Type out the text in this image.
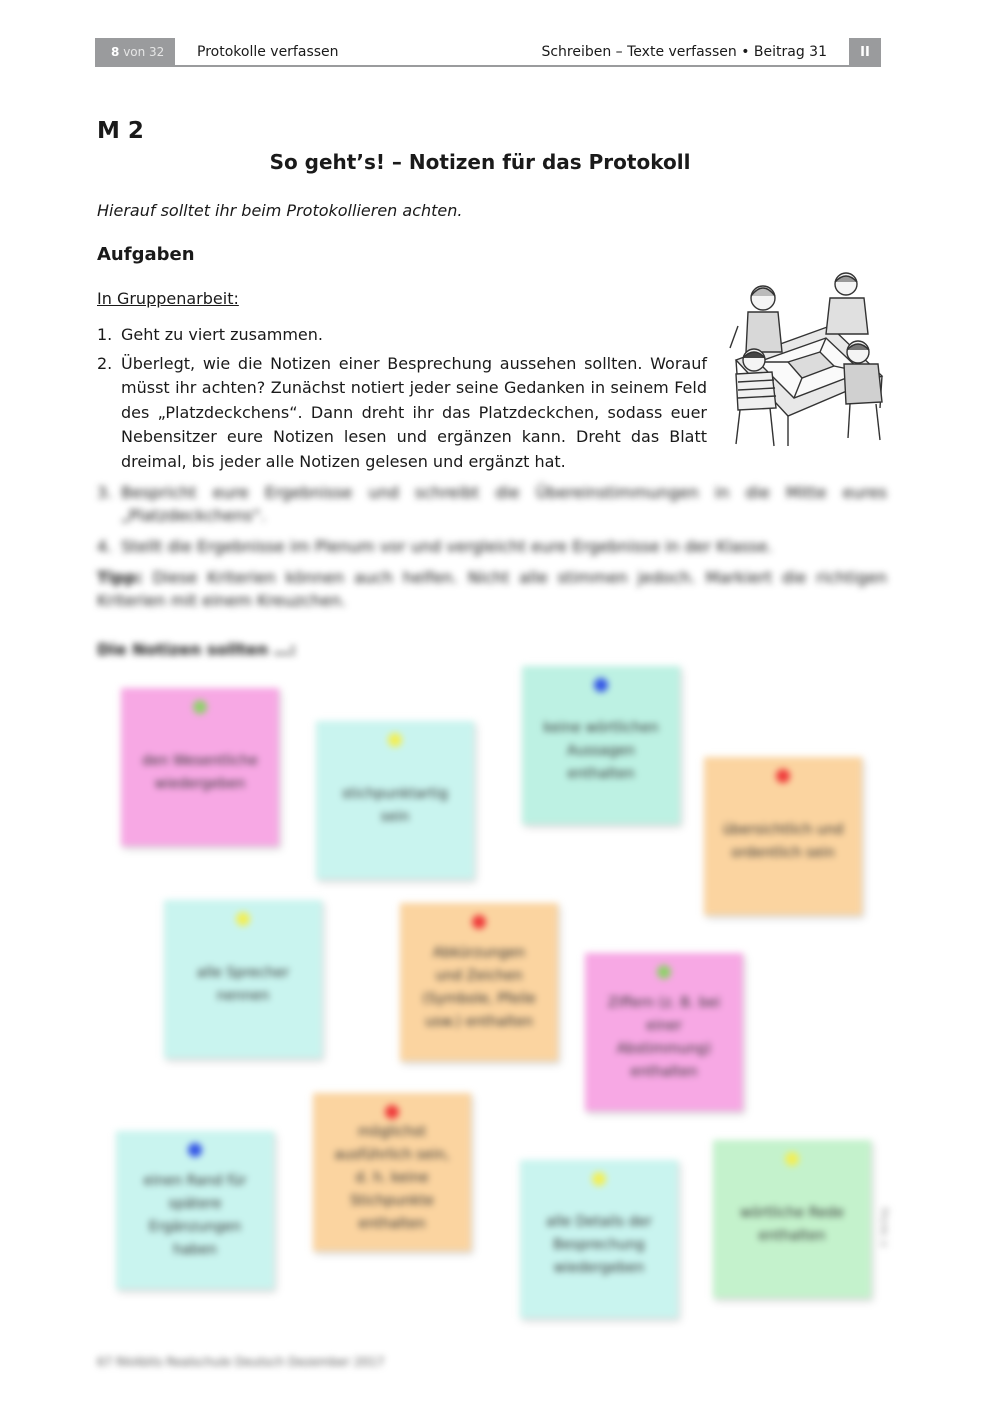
8 von 32	Protokolle verfassen	Schreiben – Texte verfassen • Beitrag 31	II
M 2
So geht’s! – Notizen für das Protokoll
Hierauf solltet ihr beim Protokollieren achten.
Aufgaben
In Gruppenarbeit:
1. Geht zu viert zusammen.
2. Überlegt, wie die Notizen einer Besprechung aussehen sollten. Worauf müsst ihr achten? Zunächst notiert jeder seine Gedanken in seinem Feld des „Platzdeckchens“. Dann dreht ihr das Platzdeckchen, sodass euer Nebensitzer eure Notizen lesen und ergänzen kann. Dreht das Blatt dreimal, bis jeder alle Notizen gelesen und ergänzt hat.
3. Bespricht eure Ergebnisse und schreibt die Übereinstimmungen in die Mitte eures „Platzdeckchens“.
4. Stellt die Ergebnisse im Plenum vor und vergleicht eure Ergebnisse in der Klasse.
Tipp: Diese Kriterien können auch helfen. Nicht alle stimmen jedoch. Markiert die richtigen Kriterien mit einem Kreuzchen.
Die Notizen sollten …:
den Wesentliche wiedergeben
stichpunktartig sein
keine wörtlichen Aussagen enthalten
übersichtlich und ordentlich sein
alle Sprecher nennen
Abkürzungen und Zeichen (Symbole, Pfeile usw.) enthalten
Ziffern (z. B. bei einer Abstimmung) enthalten
einen Rand für spätere Ergänzungen haben
möglichst ausführlich sein, d. h. keine Stichpunkte enthalten	alle Details der Besprechung wiedergeben
wörtliche Rede enthalten	© Verlag
67 RAAbits Realschule Deutsch Dezember 2017
